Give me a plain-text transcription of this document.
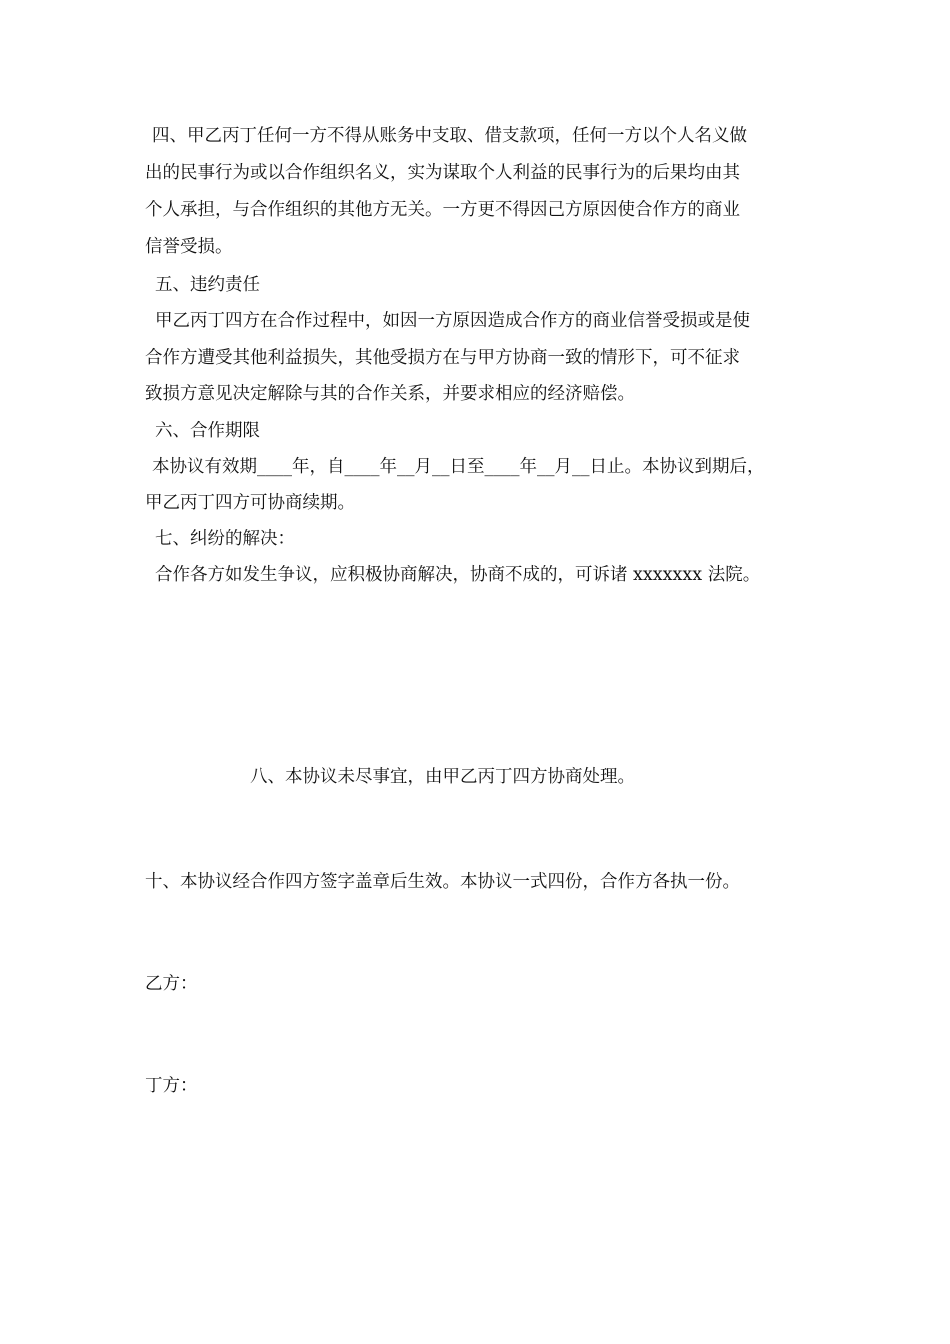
四、甲乙丙丁任何一方不得从账务中支取、借支款项，任何一方以个人名义做
出的民事行为或以合作组织名义，实为谋取个人利益的民事行为的后果均由其
个人承担，与合作组织的其他方无关。一方更不得因己方原因使合作方的商业
信誉受损。
五、违约责任
甲乙丙丁四方在合作过程中，如因一方原因造成合作方的商业信誉受损或是使
合作方遭受其他利益损失，其他受损方在与甲方协商一致的情形下，可不征求
致损方意见决定解除与其的合作关系，并要求相应的经济赔偿。
六、合作期限
本协议有效期____年，自____年__月__日至____年__月__日止。本协议到期后，
甲乙丙丁四方可协商续期。
七、纠纷的解决：
合作各方如发生争议，应积极协商解决，协商不成的，可诉诸 xxxxxxx 法院。
八、本协议未尽事宜，由甲乙丙丁四方协商处理。
十、本协议经合作四方签字盖章后生效。本协议一式四份，合作方各执一份。
乙方：
丁方：
